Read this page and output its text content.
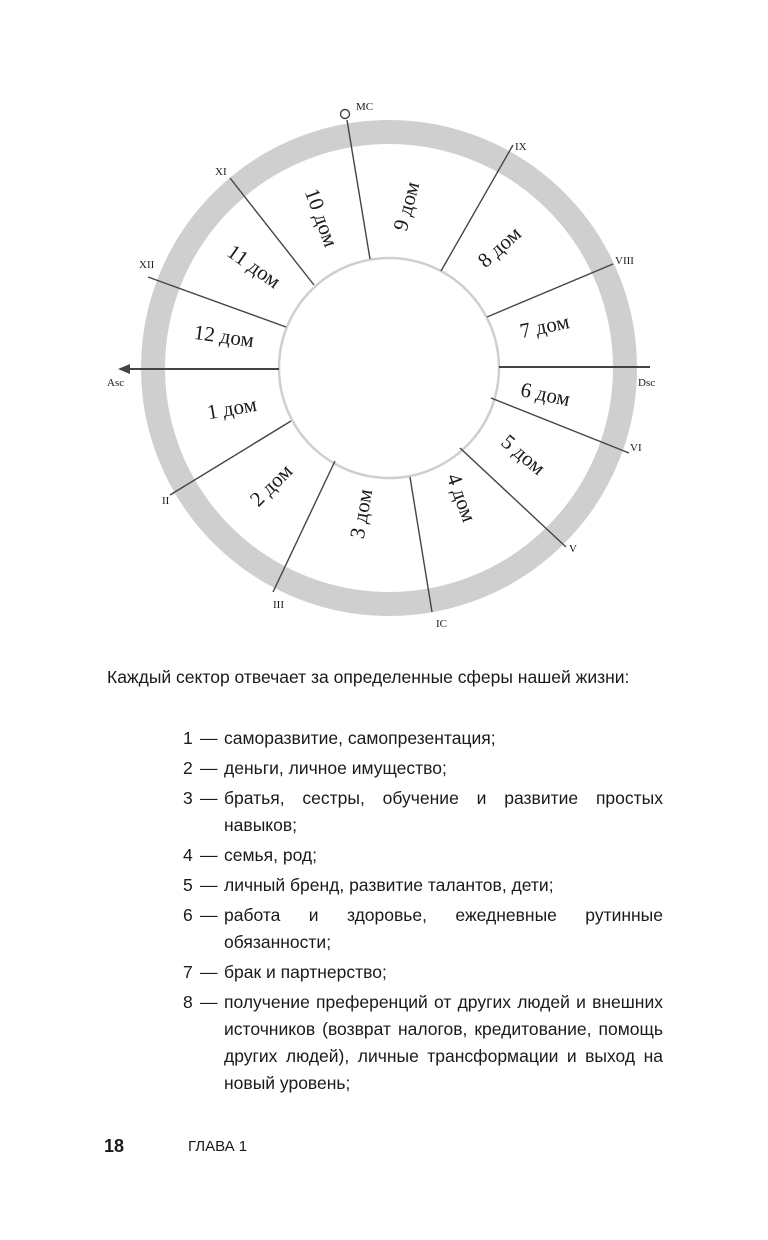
MC
IX
XI
VIII
XII
Asc	Dsc
VI
II
V
III
IC
10 дом 9 дом
11 дом	8 дом
12 дом	7 дом
1 дом	6 дом
2 дом
5 дом
3 дом	4 дом
Каждый сектор отвечает за определенные сферы нашей жизни:
1 — саморазвитие, самопрезентация;
2 — деньги, личное имущество;
3 — братья, сестры, обучение и развитие простых навыков;
4 — семья, род;
5 — личный бренд, развитие талантов, дети;
6 — работа и здоровье, ежедневные рутинные обязанности;
7 — брак и партнерство;
8 — получение преференций от других людей и внешних источников (возврат налогов, кредитование, помощь других людей), личные трансформации и выход на новый уровень;
18	ГЛАВА 1
